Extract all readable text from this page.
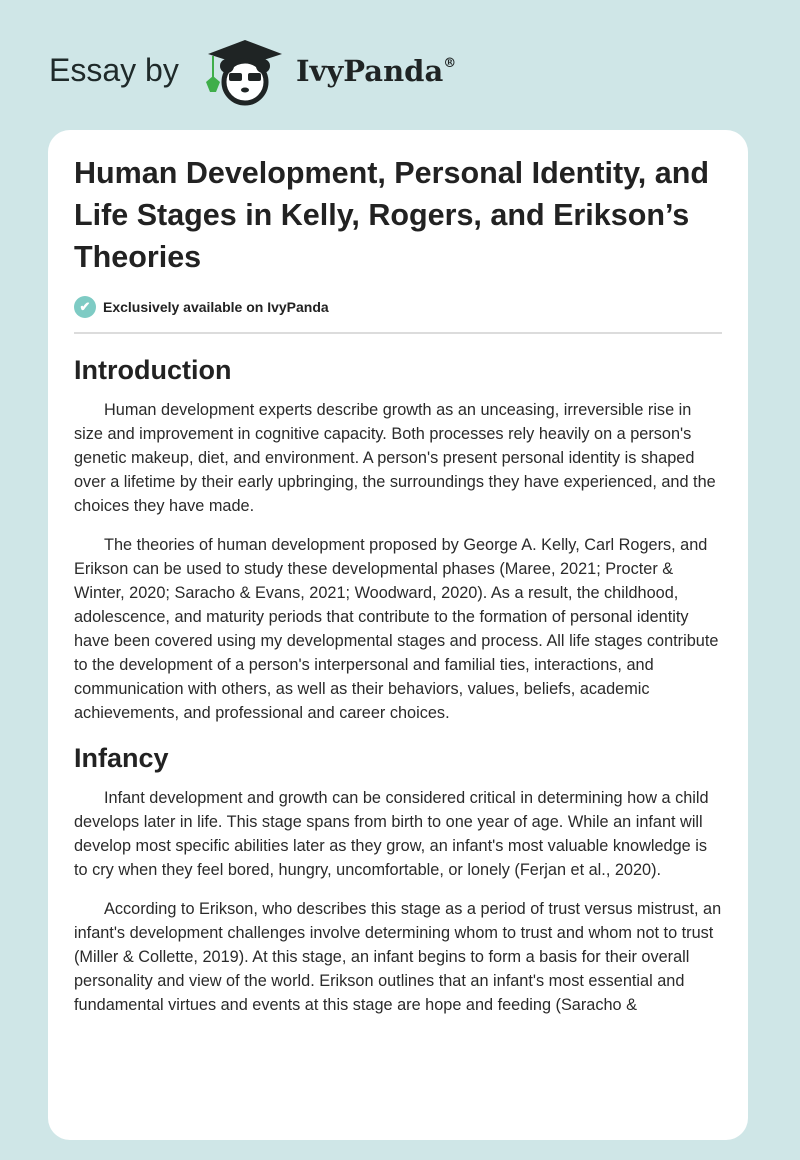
Essay by	IvyPanda®
Human Development, Personal Identity, and Life Stages in Kelly, Rogers, and Erikson’s Theories
✔ Exclusively available on IvyPanda
Introduction

Human development experts describe growth as an unceasing, irreversible rise in size and improvement in cognitive capacity. Both processes rely heavily on a person's genetic makeup, diet, and environment. A person's present personal identity is shaped over a lifetime by their early upbringing, the surroundings they have experienced, and the choices they have made.

The theories of human development proposed by George A. Kelly, Carl Rogers, and Erikson can be used to study these developmental phases (Maree, 2021; Procter & Winter, 2020; Saracho & Evans, 2021; Woodward, 2020). As a result, the childhood, adolescence, and maturity periods that contribute to the formation of personal identity have been covered using my developmental stages and process. All life stages contribute to the development of a person's interpersonal and familial ties, interactions, and communication with others, as well as their behaviors, values, beliefs, academic achievements, and professional and career choices.

Infancy

Infant development and growth can be considered critical in determining how a child develops later in life. This stage spans from birth to one year of age. While an infant will develop most specific abilities later as they grow, an infant's most valuable knowledge is to cry when they feel bored, hungry, uncomfortable, or lonely (Ferjan et al., 2020).

According to Erikson, who describes this stage as a period of trust versus mistrust, an infant's development challenges involve determining whom to trust and whom not to trust (Miller & Collette, 2019). At this stage, an infant begins to form a basis for their overall personality and view of the world. Erikson outlines that an infant's most essential and fundamental virtues and events at this stage are hope and feeding (Saracho &
